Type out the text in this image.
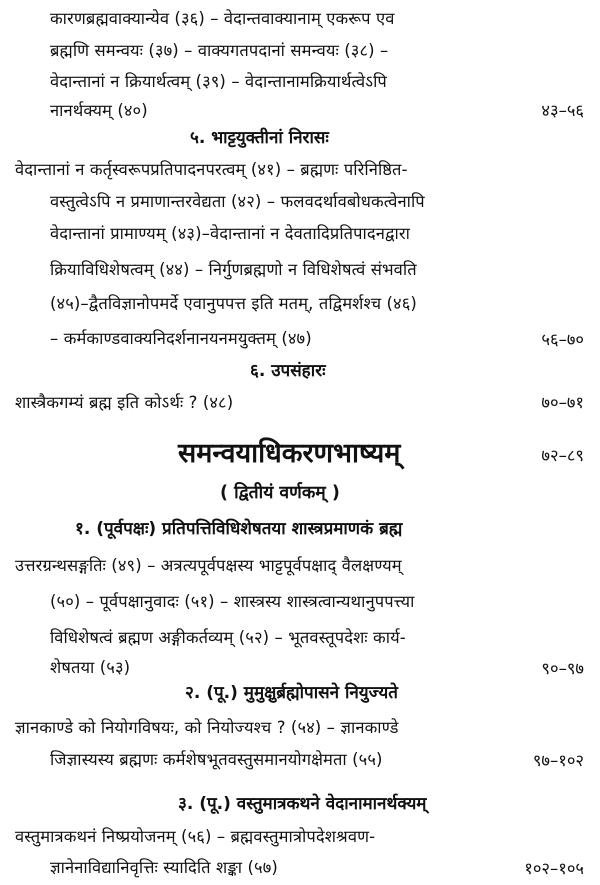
कारणब्रह्मवाक्यान्येव (३६) – वेदान्तवाक्यानाम् एकरूप एव
ब्रह्मणि समन्वयः (३७) – वाक्यगतपदानां समन्वयः (३८) –
वेदान्तानां न क्रियार्थत्वम् (३९) – वेदान्तानामक्रियार्थत्वेऽपि
नानर्थक्यम् (४०)	४३–५६
५. भाट्टयुक्तीनां निरासः
वेदान्तानां न कर्तृस्वरूपप्रतिपादनपरत्वम् (४१) – ब्रह्मणः परिनिष्ठित-
वस्तुत्वेऽपि न प्रमाणान्तरवेद्यता (४२) – फलवदर्थावबोधकत्वेनापि
वेदान्तानां प्रामाण्यम् (४३)–वेदान्तानां न देवतादिप्रतिपादनद्वारा
क्रियाविधिशेषत्वम् (४४) – निर्गुणब्रह्मणो न विधिशेषत्वं संभवति
(४५)–द्वैतविज्ञानोपमर्दे एवानुपपत्त इति मतम्, तद्विमर्शश्च (४६)
– कर्मकाण्डवाक्यनिदर्शनानयनमयुक्तम् (४७)	५६–७०
६. उपसंहारः
शास्त्रैकगम्यं ब्रह्म इति कोऽर्थः ? (४८)	७०–७१
समन्वयाधिकरणभाष्यम्	७२–८९
( द्वितीयं वर्णकम् )
१. (पूर्वपक्षः) प्रतिपत्तिविधिशेषतया शास्त्रप्रमाणकं ब्रह्म
उत्तरग्रन्थसङ्गतिः (४९) – अत्रत्यपूर्वपक्षस्य भाट्टपूर्वपक्षाद् वैलक्षण्यम्
(५०) – पूर्वपक्षानुवादः (५१) – शास्त्रस्य शास्त्रत्वान्यथानुपपत्त्या
विधिशेषत्वं ब्रह्मण अङ्गीकर्तव्यम् (५२) – भूतवस्तूपदेशः कार्य-
शेषतया (५३)	९०–९७
२. (पू.) मुमुक्षुर्ब्रह्मोपासने नियुज्यते
ज्ञानकाण्डे को नियोगविषयः, को नियोज्यश्च ? (५४) – ज्ञानकाण्डे
जिज्ञास्यस्य ब्रह्मणः कर्मशेषभूतवस्तुसमानयोगक्षेमता (५५)	९७–१०२
३. (पू.) वस्तुमात्रकथने वेदानामानर्थक्यम्
वस्तुमात्रकथनं निष्प्रयोजनम् (५६) – ब्रह्मवस्तुमात्रोपदेशश्रवण-
ज्ञानेनाविद्यानिवृत्तिः स्यादिति शङ्का (५७)	१०२–१०५
